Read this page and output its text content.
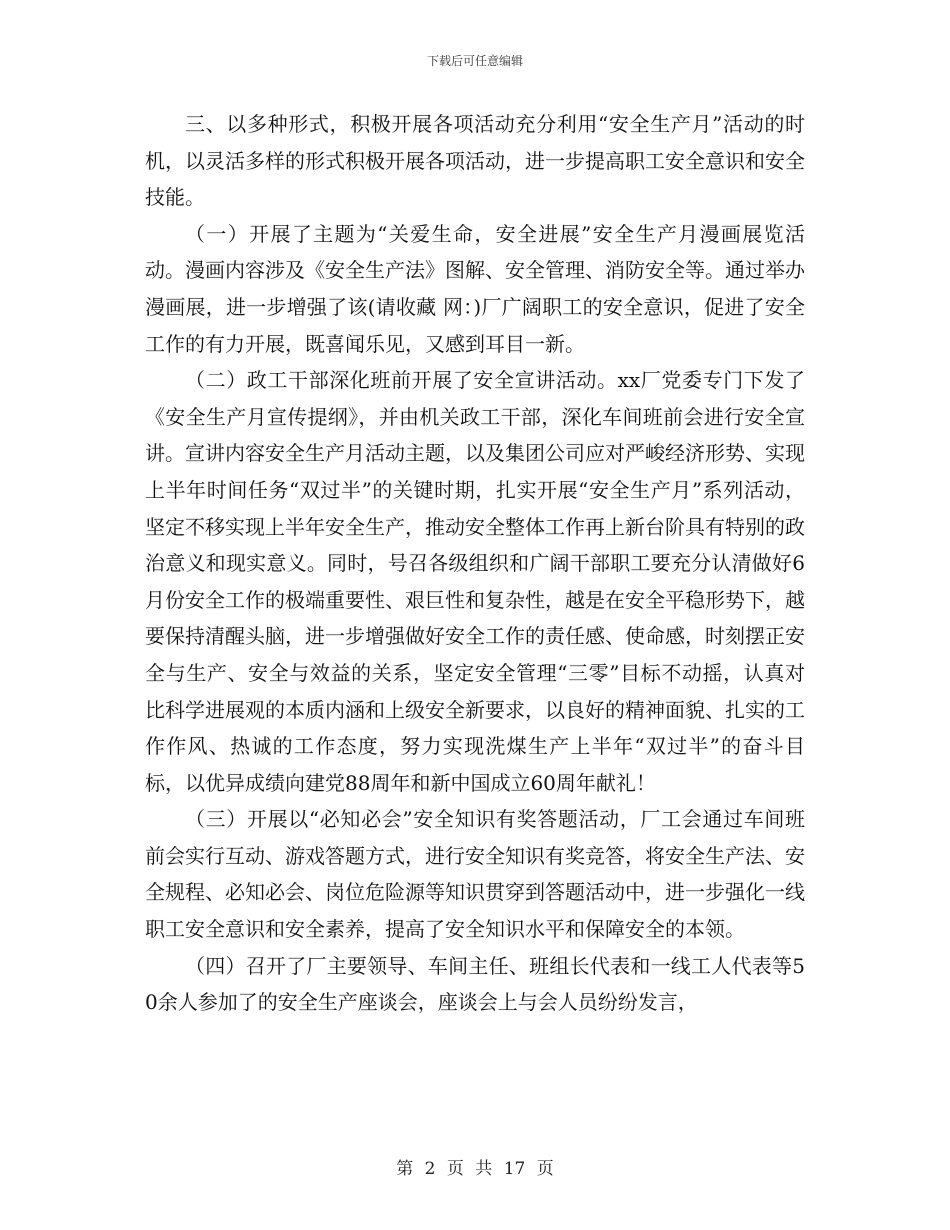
下载后可任意编辑

三、以多种形式，积极开展各项活动充分利用“安全生产月”活动的时机，以灵活多样的形式积极开展各项活动，进一步提高职工安全意识和安全技能。

（一）开展了主题为“关爱生命，安全进展”安全生产月漫画展览活动。漫画内容涉及《安全生产法》图解、安全管理、消防安全等。通过举办漫画展，进一步增强了该(请收藏 网：)厂广阔职工的安全意识，促进了安全工作的有力开展，既喜闻乐见，又感到耳目一新。

（二）政工干部深化班前开展了安全宣讲活动。xx厂党委专门下发了《安全生产月宣传提纲》，并由机关政工干部，深化车间班前会进行安全宣讲。宣讲内容安全生产月活动主题，以及集团公司应对严峻经济形势、实现上半年时间任务“双过半”的关键时期，扎实开展“安全生产月”系列活动，坚定不移实现上半年安全生产，推动安全整体工作再上新台阶具有特别的政治意义和现实意义。同时，号召各级组织和广阔干部职工要充分认清做好6月份安全工作的极端重要性、艰巨性和复杂性，越是在安全平稳形势下，越要保持清醒头脑，进一步增强做好安全工作的责任感、使命感，时刻摆正安全与生产、安全与效益的关系，坚定安全管理“三零”目标不动摇，认真对比科学进展观的本质内涵和上级安全新要求，以良好的精神面貌、扎实的工作作风、热诚的工作态度，努力实现洗煤生产上半年“双过半”的奋斗目标，以优异成绩向建党88周年和新中国成立60周年献礼！

（三）开展以“必知必会”安全知识有奖答题活动，厂工会通过车间班前会实行互动、游戏答题方式，进行安全知识有奖竞答，将安全生产法、安全规程、必知必会、岗位危险源等知识贯穿到答题活动中，进一步强化一线职工安全意识和安全素养，提高了安全知识水平和保障安全的本领。

（四）召开了厂主要领导、车间主任、班组长代表和一线工人代表等50余人参加了的安全生产座谈会，座谈会上与会人员纷纷发言，

第 2 页 共 17 页
